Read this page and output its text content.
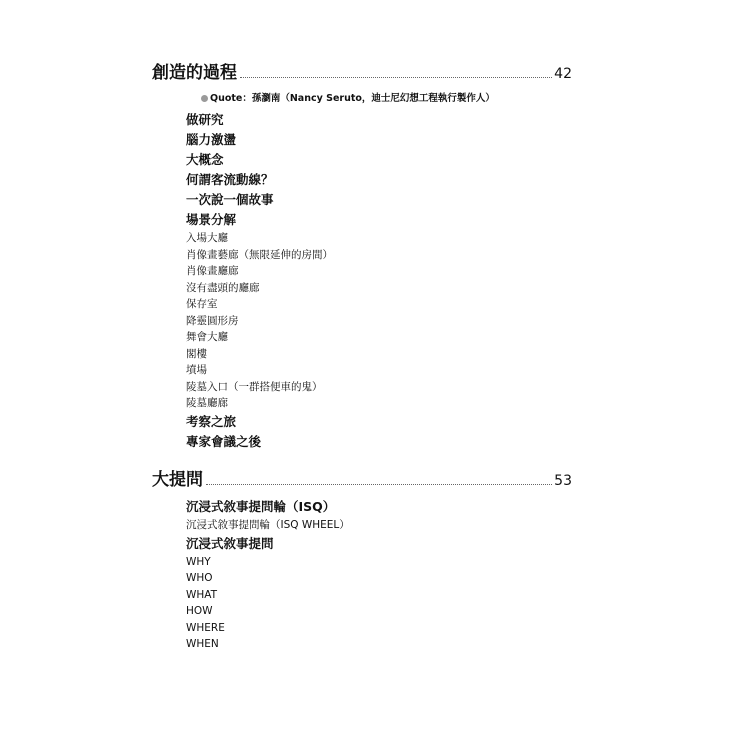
創造的過程	42
Quote：孫瀏南（Nancy Seruto，迪士尼幻想工程執行製作人）
做研究
腦力激盪
大概念
何謂客流動線？
一次說一個故事
場景分解
入場大廳
肖像畫藝廊（無限延伸的房間）
肖像畫廳廊
沒有盡頭的廳廊
保存室
降靈圓形房
舞會大廳
閣樓
墳場
陵墓入口（一群搭便車的鬼）
陵墓廳廊
考察之旅
專家會議之後
大提問	53
沉浸式敘事提問輪（ISQ）
沉浸式敘事提問輪（ISQ WHEEL）
沉浸式敘事提問
WHY
WHO
WHAT
HOW
WHERE
WHEN
